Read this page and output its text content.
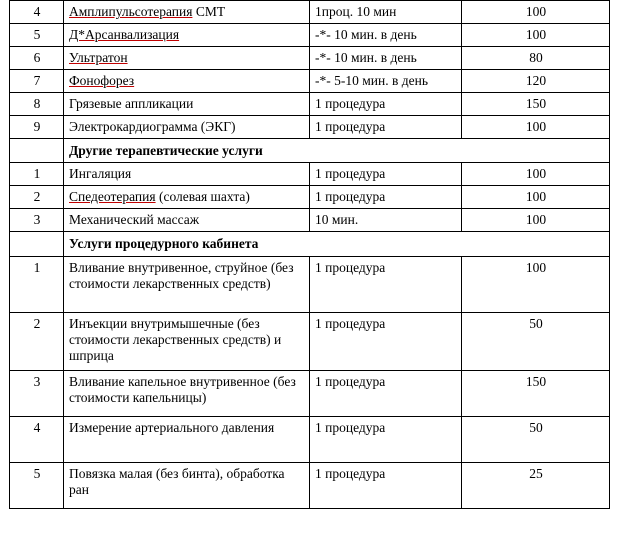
4	Амплипульсотерапия СМТ	1проц. 10 мин	100
5	Д*Арсанвализация	-*- 10 мин. в день	100
6	Ультратон	-*- 10 мин. в день	80
7	Фонофорез	-*- 5-10 мин. в день	120
8	Грязевые аппликации	1 процедура	150
9	Электрокардиограмма (ЭКГ)	1 процедура	100
	Другие терапевтические услуги		
1	Ингаляция	1 процедура	100
2	Спедеотерапия (солевая шахта)	1 процедура	100
3	Механический массаж	10 мин.	100
	Услуги процедурного кабинета		
1	Вливание внутривенное, струйное (без стоимости лекарственных средств)	1 процедура	100
2	Инъекции внутримышечные (без стоимости лекарственных средств) и шприца	1 процедура	50
3	Вливание капельное внутривенное (без стоимости капельницы)	1 процедура	150
4	Измерение артериального давления	1 процедура	50
5	Повязка малая (без бинта), обработка ран	1 процедура	25
